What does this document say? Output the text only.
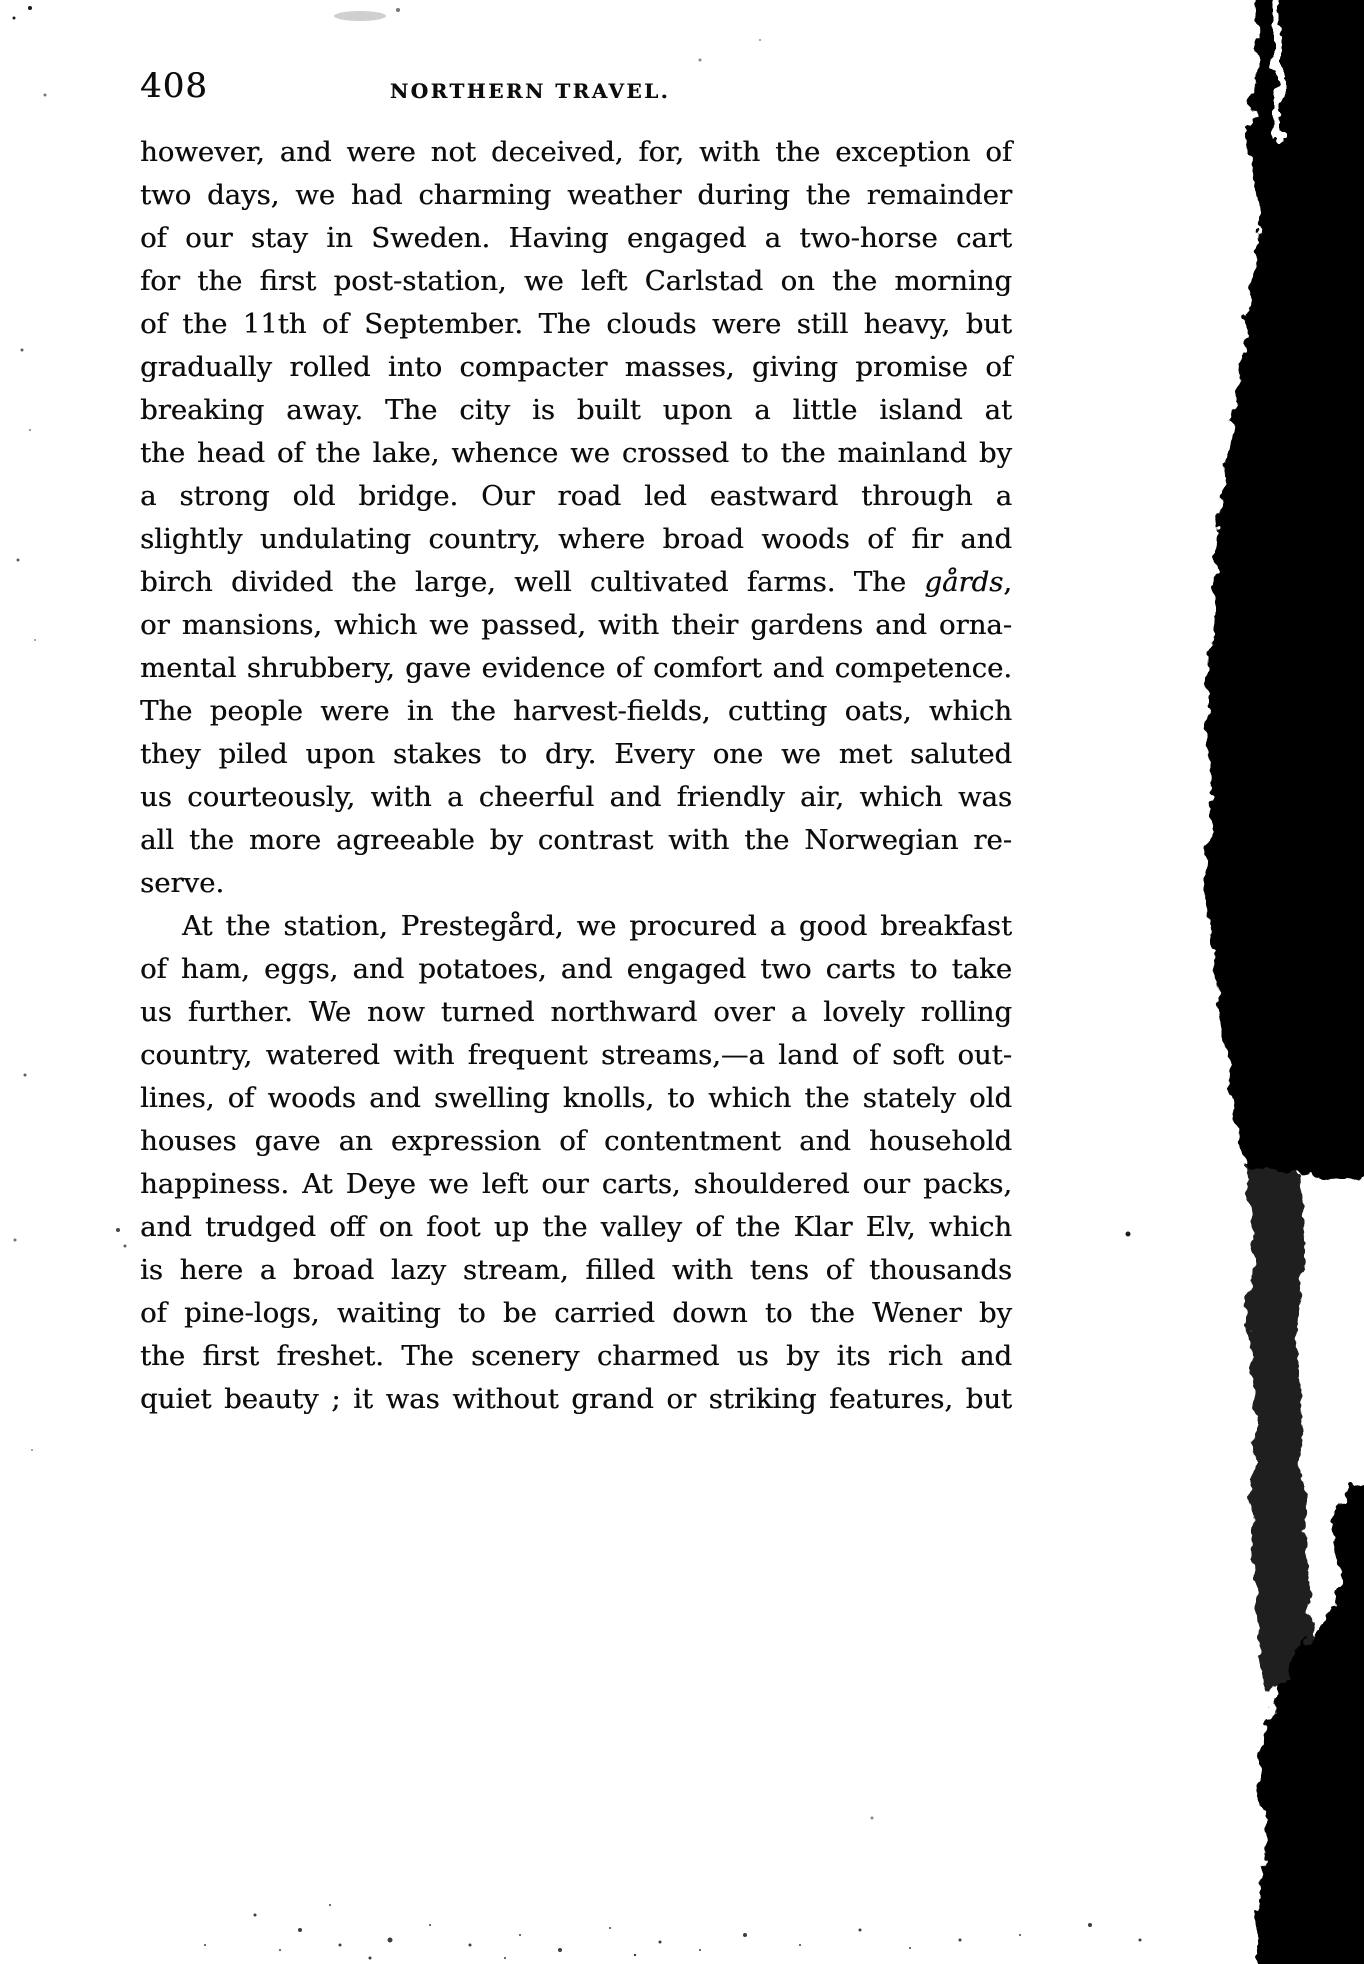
408	NORTHERN TRAVEL.
however, and were not deceived, for, with the exception of
two days, we had charming weather during the remainder
of our stay in Sweden. Having engaged a two-horse cart
for the first post-station, we left Carlstad on the morning
of the 11th of September. The clouds were still heavy, but
gradually rolled into compacter masses, giving promise of
breaking away. The city is built upon a little island at
the head of the lake, whence we crossed to the mainland by
a strong old bridge. Our road led eastward through a
slightly undulating country, where broad woods of fir and
birch divided the large, well cultivated farms. The gårds,
or mansions, which we passed, with their gardens and orna-
mental shrubbery, gave evidence of comfort and competence.
The people were in the harvest-fields, cutting oats, which
they piled upon stakes to dry. Every one we met saluted
us courteously, with a cheerful and friendly air, which was
all the more agreeable by contrast with the Norwegian re-
serve.
At the station, Prestegård, we procured a good breakfast
of ham, eggs, and potatoes, and engaged two carts to take
us further. We now turned northward over a lovely rolling
country, watered with frequent streams,—a land of soft out-
lines, of woods and swelling knolls, to which the stately old
houses gave an expression of contentment and household
happiness. At Deye we left our carts, shouldered our packs,
and trudged off on foot up the valley of the Klar Elv, which
is here a broad lazy stream, filled with tens of thousands
of pine-logs, waiting to be carried down to the Wener by
the first freshet. The scenery charmed us by its rich and
quiet beauty ; it was without grand or striking features, but
